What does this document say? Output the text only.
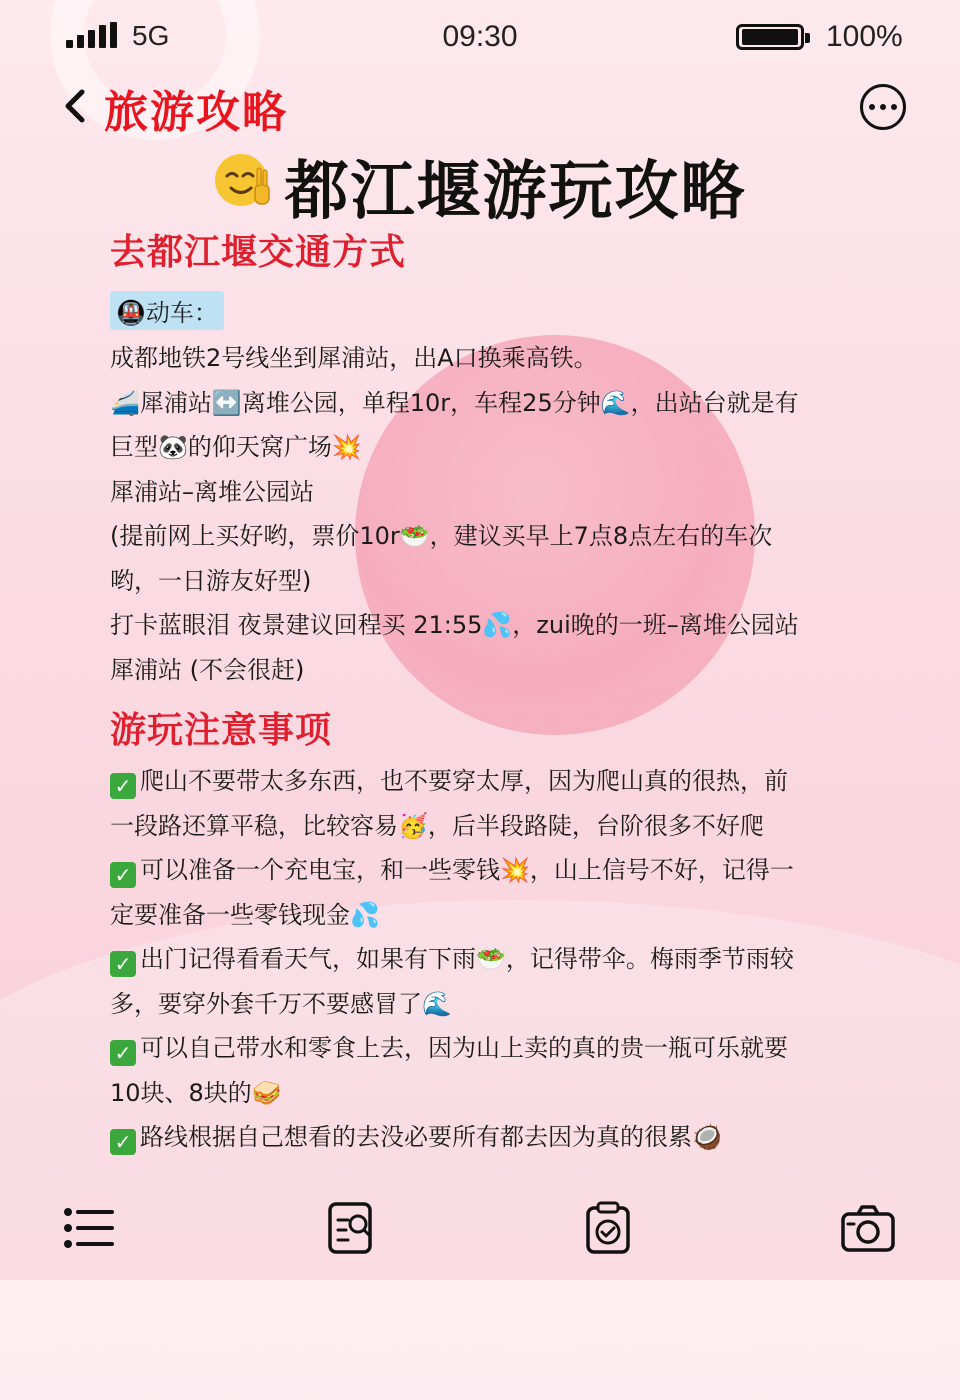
5G	09:30	100%
旅游攻略
都江堰游玩攻略
去都江堰交通方式
🚇动车：

成都地铁2号线坐到犀浦站，出A口换乘高铁。

🚄犀浦站↔️离堆公园，单程10r，车程25分钟🌊，出站台就是有

巨型🐼的仰天窝广场💥

犀浦站–离堆公园站

(提前网上买好哟，票价10r🥗，建议买早上7点8点左右的车次

哟，一日游友好型)

打卡蓝眼泪 夜景建议回程买 21:55💦，zui晚的一班–离堆公园站

犀浦站 (不会很赶)

游玩注意事项

✓ 爬山不要带太多东西，也不要穿太厚，因为爬山真的很热，前

一段路还算平稳，比较容易🥳，后半段路陡，台阶很多不好爬

✓ 可以准备一个充电宝，和一些零钱💥，山上信号不好，记得一

定要准备一些零钱现金💦

✓ 出门记得看看天气，如果有下雨🥗，记得带伞。梅雨季节雨较

多，要穿外套千万不要感冒了🌊

✓ 可以自己带水和零食上去，因为山上卖的真的贵一瓶可乐就要

10块、8块的🥪

✓ 路线根据自己想看的去没必要所有都去因为真的很累🥥
